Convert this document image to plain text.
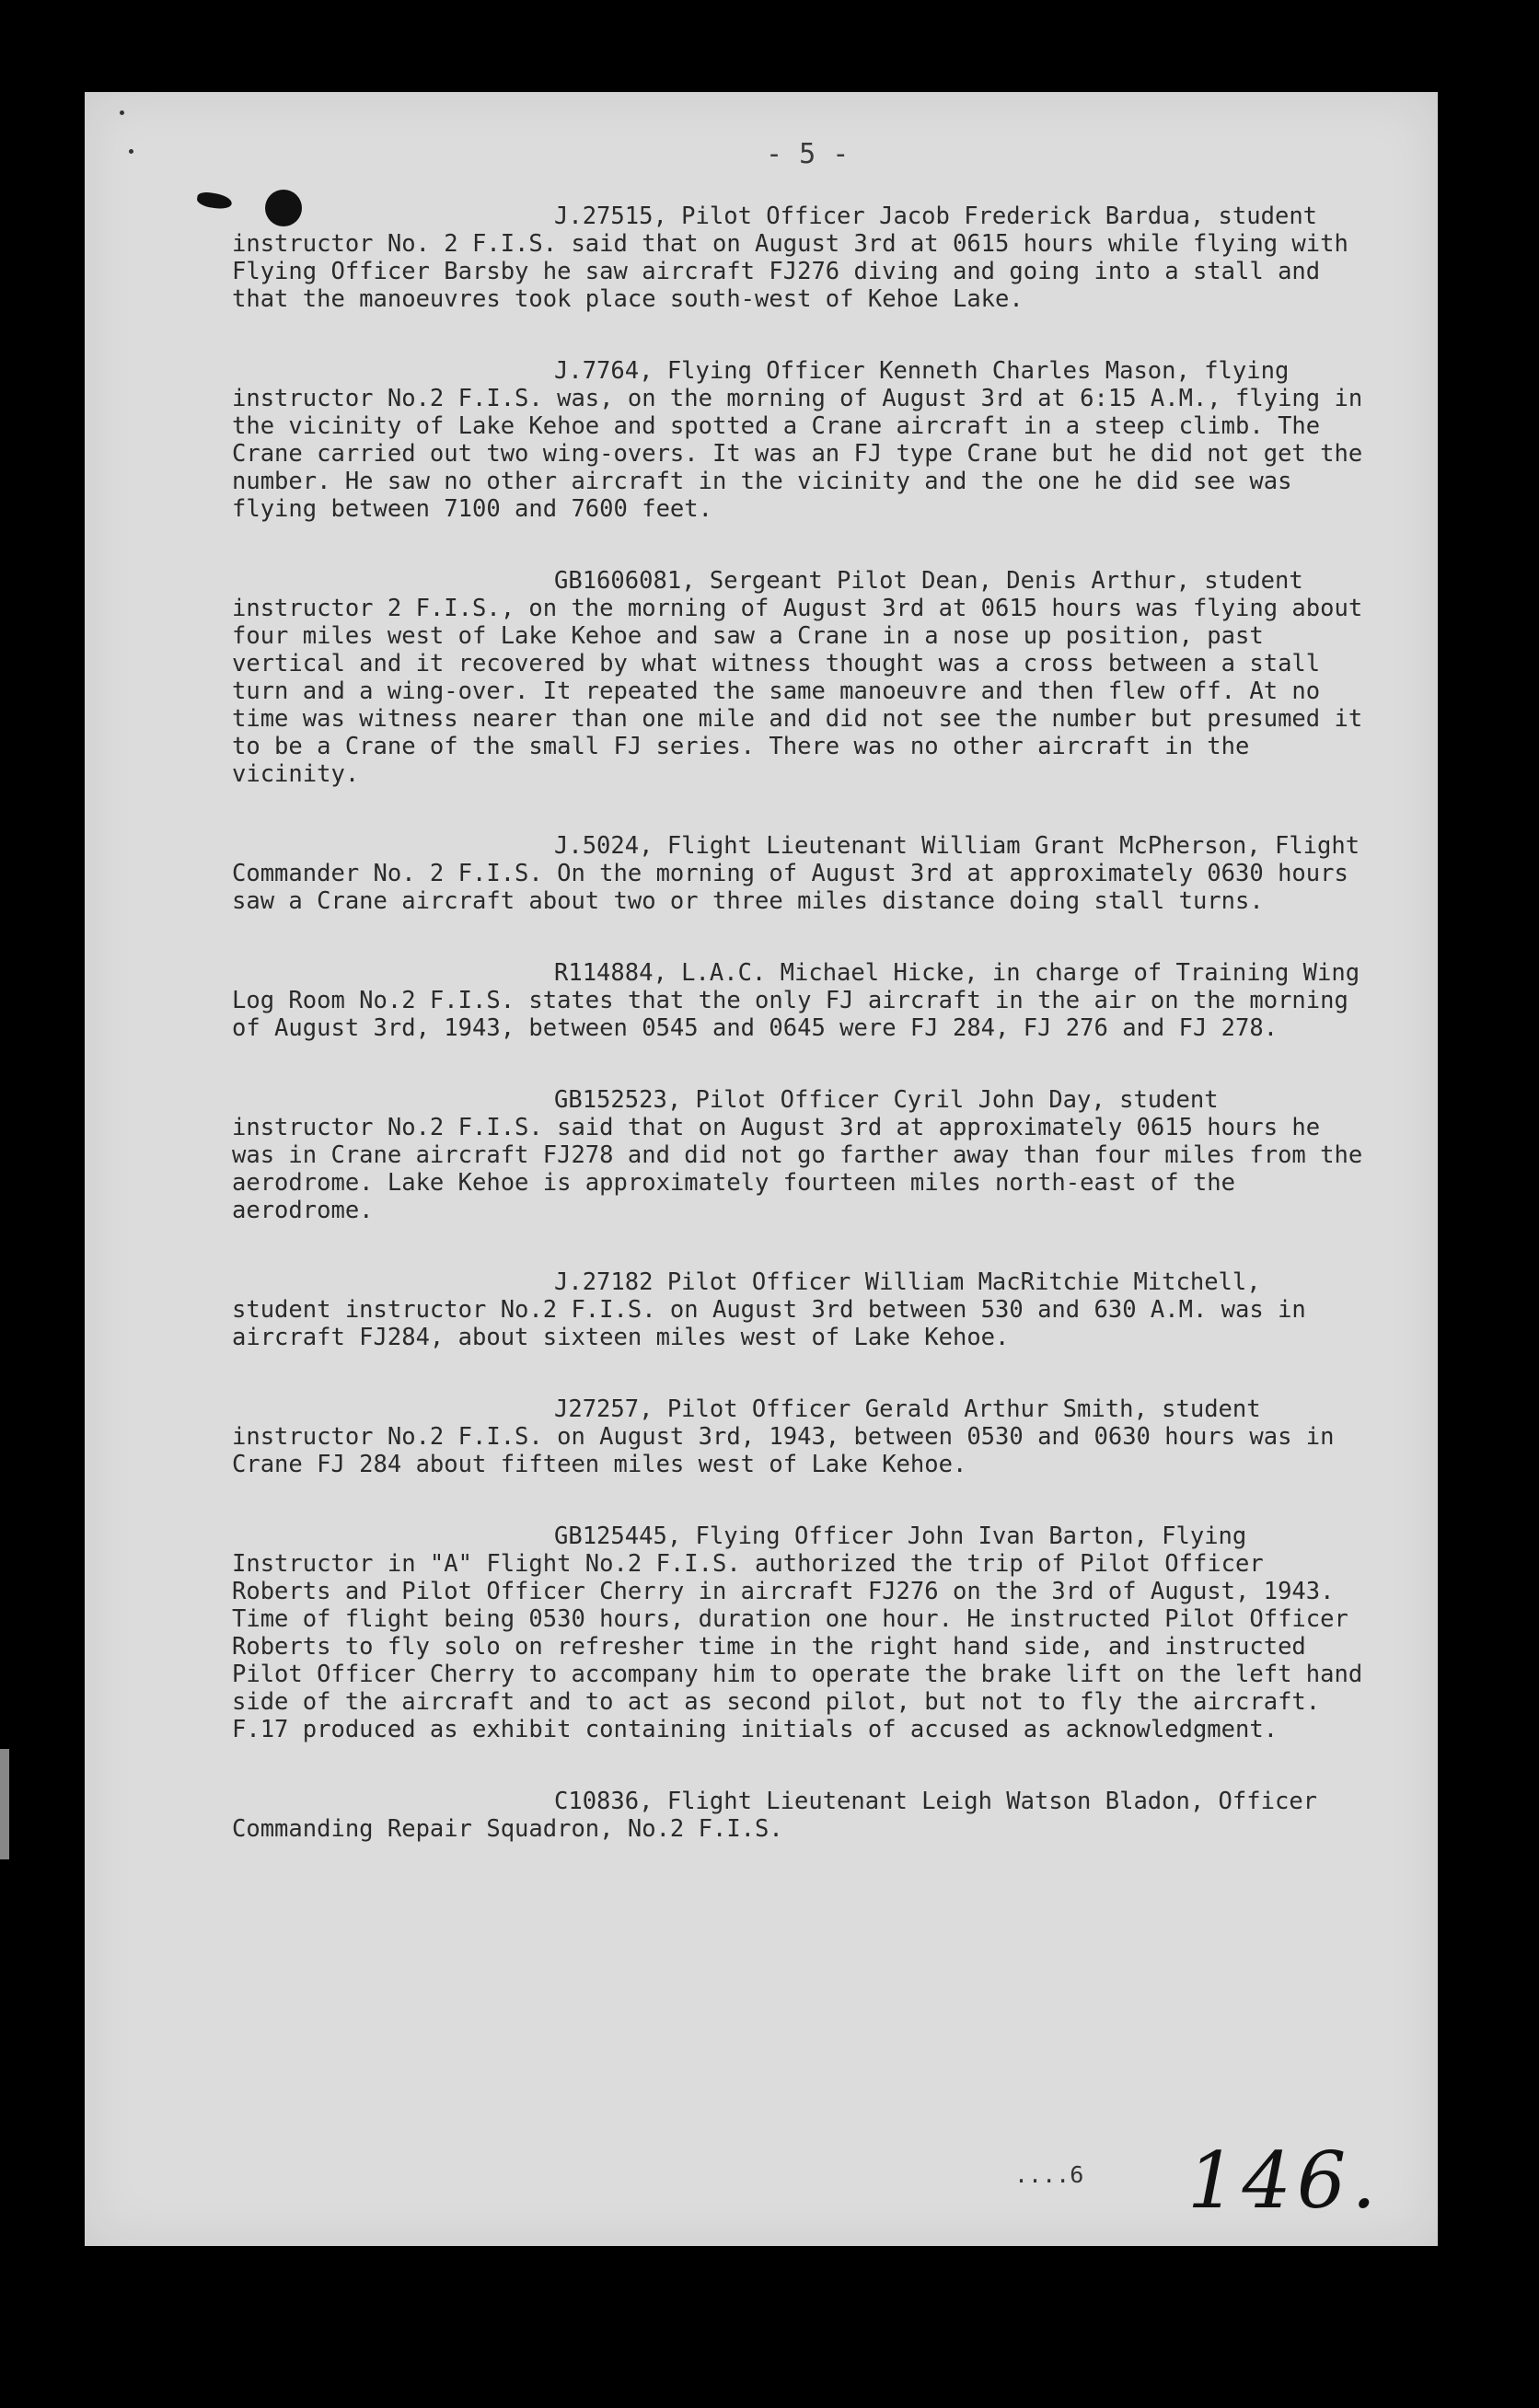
- 5 -

J.27515, Pilot Officer Jacob Frederick Bardua, student instructor No. 2 F.I.S. said that on August 3rd at 0615 hours while flying with Flying Officer Barsby he saw aircraft FJ276 diving and going into a stall and that the manoeuvres took place south-west of Kehoe Lake.

J.7764, Flying Officer Kenneth Charles Mason, flying instructor No.2 F.I.S. was, on the morning of August 3rd at 6:15 A.M., flying in the vicinity of Lake Kehoe and spotted a Crane aircraft in a steep climb. The Crane carried out two wing-overs. It was an FJ type Crane but he did not get the number. He saw no other aircraft in the vicinity and the one he did see was flying between 7100 and 7600 feet.

GB1606081, Sergeant Pilot Dean, Denis Arthur, student instructor 2 F.I.S., on the morning of August 3rd at 0615 hours was flying about four miles west of Lake Kehoe and saw a Crane in a nose up position, past vertical and it recovered by what witness thought was a cross between a stall turn and a wing-over. It repeated the same manoeuvre and then flew off. At no time was witness nearer than one mile and did not see the number but presumed it to be a Crane of the small FJ series. There was no other aircraft in the vicinity.

J.5024, Flight Lieutenant William Grant McPherson, Flight Commander No. 2 F.I.S. On the morning of August 3rd at approximately 0630 hours saw a Crane aircraft about two or three miles distance doing stall turns.

R114884, L.A.C. Michael Hicke, in charge of Training Wing Log Room No.2 F.I.S. states that the only FJ aircraft in the air on the morning of August 3rd, 1943, between 0545 and 0645 were FJ 284, FJ 276 and FJ 278.

GB152523, Pilot Officer Cyril John Day, student instructor No.2 F.I.S. said that on August 3rd at approximately 0615 hours he was in Crane aircraft FJ278 and did not go farther away than four miles from the aerodrome. Lake Kehoe is approximately fourteen miles north-east of the aerodrome.

J.27182 Pilot Officer William MacRitchie Mitchell, student instructor No.2 F.I.S. on August 3rd between 530 and 630 A.M. was in aircraft FJ284, about sixteen miles west of Lake Kehoe.

J27257, Pilot Officer Gerald Arthur Smith, student instructor No.2 F.I.S. on August 3rd, 1943, between 0530 and 0630 hours was in Crane FJ 284 about fifteen miles west of Lake Kehoe.

GB125445, Flying Officer John Ivan Barton, Flying Instructor in "A" Flight No.2 F.I.S. authorized the trip of Pilot Officer Roberts and Pilot Officer Cherry in aircraft FJ276 on the 3rd of August, 1943. Time of flight being 0530 hours, duration one hour. He instructed Pilot Officer Roberts to fly solo on refresher time in the right hand side, and instructed Pilot Officer Cherry to accompany him to operate the brake lift on the left hand side of the aircraft and to act as second pilot, but not to fly the aircraft. F.17 produced as exhibit containing initials of accused as acknowledgment.

C10836, Flight Lieutenant Leigh Watson Bladon, Officer Commanding Repair Squadron, No.2 F.I.S.

....6 146.
